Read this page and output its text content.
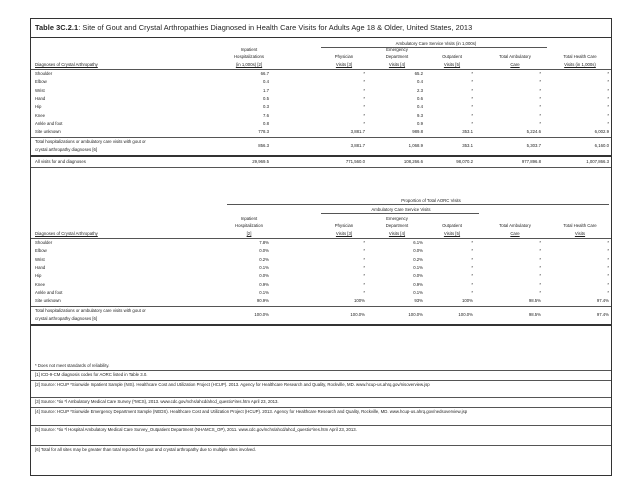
Table 3C.2.1: Site of Gout and Crystal Arthropathies Diagnosed in Health Care Visits for Adults Age 18 & Older, United States, 2013
Ambulatory Care Service Visits (in 1,000s)
Inpatient
Hospitalizations
(in 1,000s) [2]
Physician
Visits [3]
Emergency
Department
Visits [4]
Outpatient
Visits [5]
Total Ambulatory
Care
Total Health Care
Visits (in 1,000s)
Diagnoses of Crystal Arthropathy
Shoulder	66.7	*	65.2	*	*	*
Elbow	0.4	*	0.4	*	*	*
Wrist	1.7	*	2.3	*	*	*
Hand	0.5	*	0.6	*	*	*
Hip	0.3	*	0.4	*	*	*
Knee	7.6	*	9.3	*	*	*
Ankle and foot	0.8	*	0.9	*	*	*
Site unknown	778.3	3,881.7	989.8	353.1	5,224.6	6,002.9
Total hospitalizations or ambulatory care visits with gout or
crystal arthropathy diagnoses [6]
856.3	3,881.7	1,068.9	353.1	5,303.7	6,160.0
All visits for and diagnoses	29,969.5	771,560.0	108,266.6	98,070.2	977,896.8	1,007,866.3
Proportion of Total AORC Visits
Ambulatory Care Service Visits
Inpatient
Hospitalization
[2]
Physician
Visits [3]
Emergency
Department
Visits [4]
Outpatient
Visits [5]
Total Ambulatory
Care
Total Health Care
Visits
Diagnoses of Crystal Arthropathy
Shoulder	7.8%	*	6.1%	*	*	*
Elbow	0.0%	*	0.0%	*	*	*
Wrist	0.2%	*	0.2%	*	*	*
Hand	0.1%	*	0.1%	*	*	*
Hip	0.0%	*	0.0%	*	*	*
Knee	0.9%	*	0.9%	*	*	*
Ankle and foot	0.1%	*	0.1%	*	*	*
Site unknown	90.9%	100%	93%	100%	98.5%	97.4%
Total hospitalizations or ambulatory care visits with gout or
crystal arthropathy diagnoses [6]
100.0%	100.0%	100.0%	100.0%	98.5%	97.4%
* Does not meet standards of reliability.
[1] ICD-9-CM diagnosis codes for AORC listed in Table 3.0.
[2] Source: HCUP *Sionwide Inpatient Sample (NIS). Healthcare Cost and Utilization Project (HCUP). 2013. Agency for Healthcare Research and Quality, Rockville, MD. www.hcup-us.ahrq.gov/nisoverview.jsp
[3] Source: *tio *l Ambulatory Medical Care Survey (*MCS), 2013. www.cdc.gov/nchs/ahcd/ahcd_questio*ires.htm April 23, 2013.
[4] Source: HCUP *Sionwide Emergency Department Sample (NEDS). Healthcare Cost and Utilization Project (HCUP). 2013. Agency for Healthcare Research and Quality, Rockville, MD. www.hcup-us.ahrq.gov/nedsoverview.jsp
[5] Source: *tio *l Hospital Ambulatory Medical Care Survey_Outpatient Department (NHAMCS_OP), 2011. www.cdc.gov/nchs/ahcd/ahcd_questio*ires.htm April 23, 2013.
[6] Total for all sites may be greater than total reported for gout and crystal arthropathy due to multiple sites involved.
